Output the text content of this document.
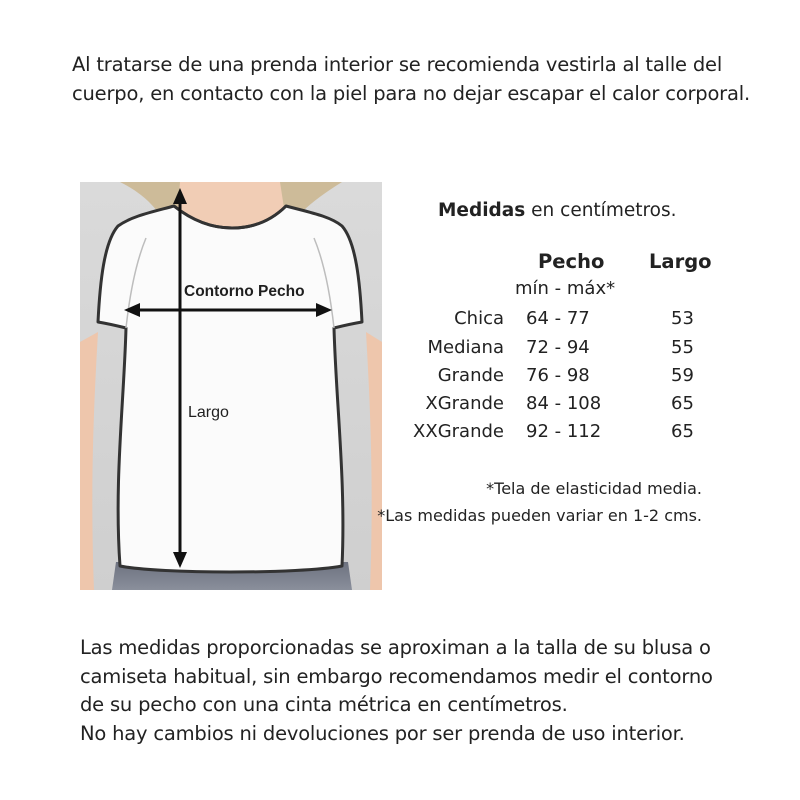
Al tratarse de una prenda interior se recomienda vestirla al talle del cuerpo, en contacto con la piel para no dejar escapar el calor corporal.

Contorno Pecho
Largo
Medidas en centímetros.
Pecho Largo
mín - máx*
Chica 64 - 77	53
Mediana 72 - 94	55
Grande 76 - 98	59
XGrande 84 - 108	65
XXGrande 92 - 112	65
*Tela de elasticidad media.
*Las medidas pueden variar en 1-2 cms.
Las medidas proporcionadas se aproximan a la talla de su blusa o
camiseta habitual, sin embargo recomendamos medir el contorno
de su pecho con una cinta métrica en centímetros.
No hay cambios ni devoluciones por ser prenda de uso interior.
